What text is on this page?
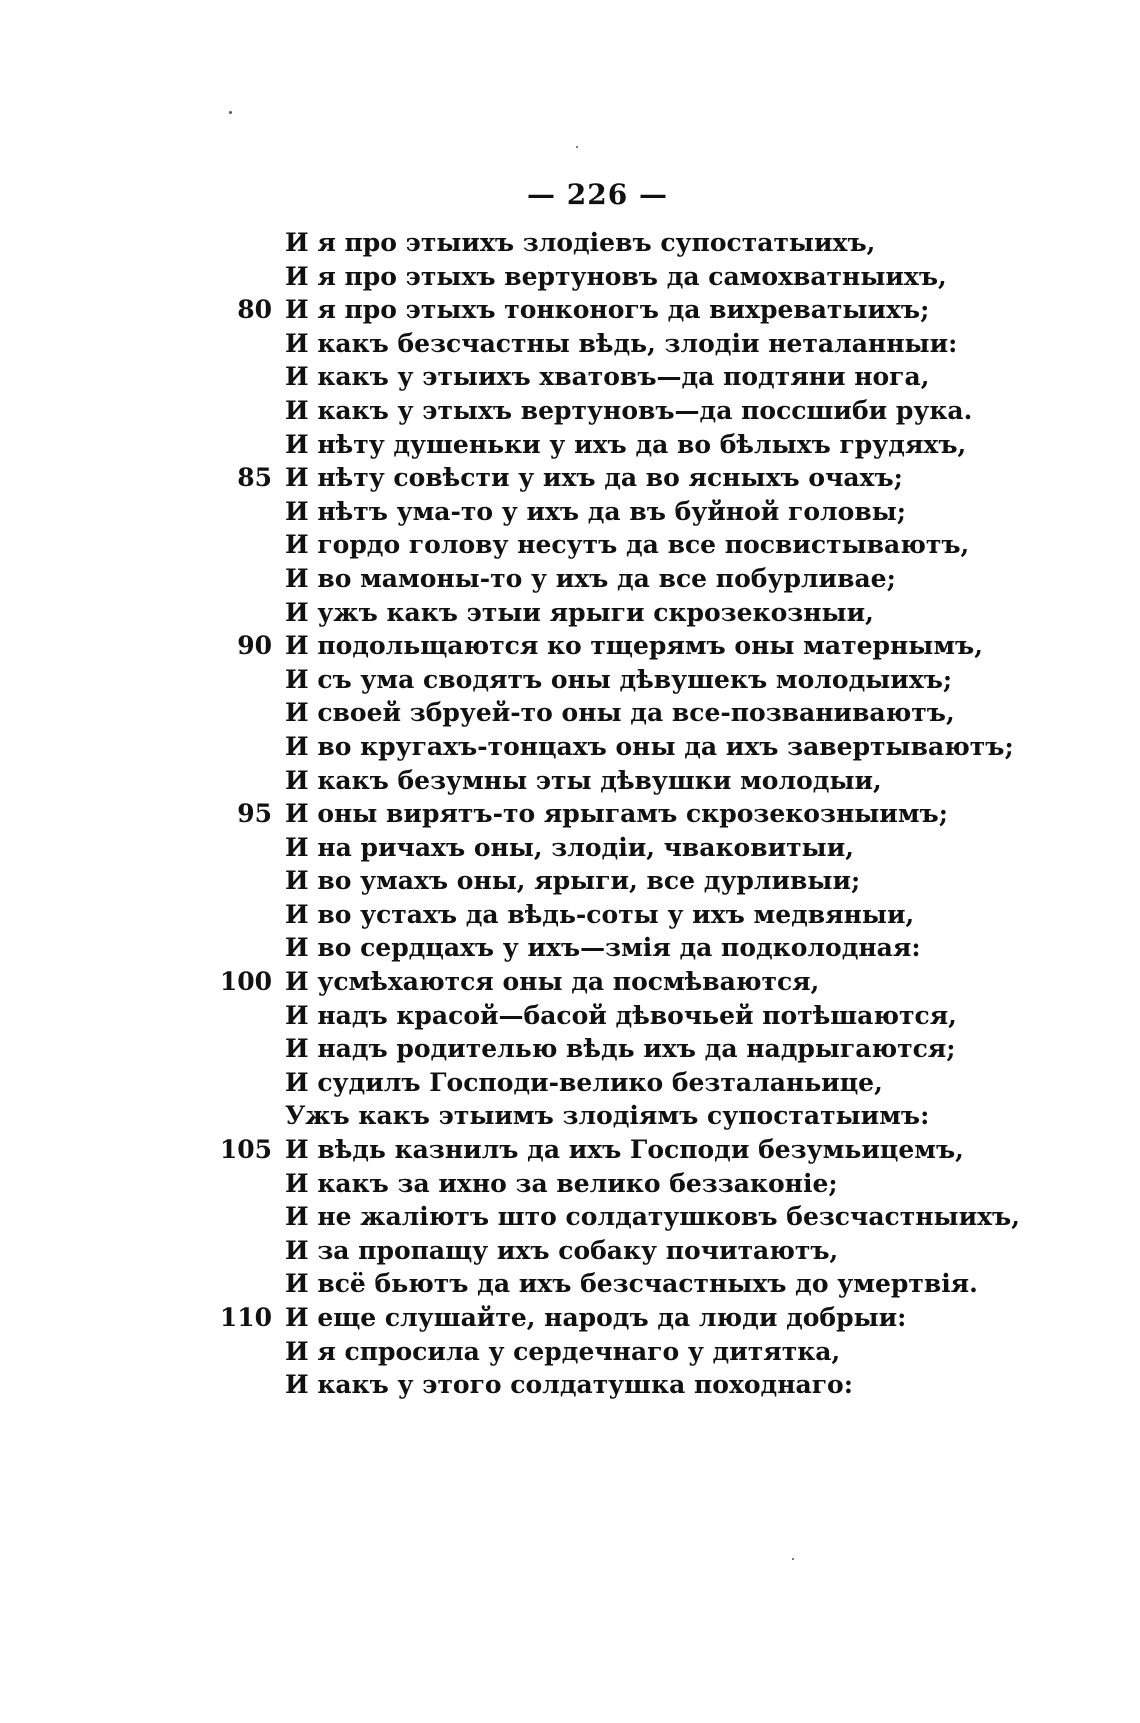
— 226 —
И я про этыихъ злодіевъ супостатыихъ,
И я про этыхъ вертуновъ да самохватныихъ,
80 И я про этыхъ тонконогъ да вихреватыихъ;
И какъ безсчастны вѣдь, злодіи неталанныи:
И какъ у этыихъ хватовъ—да подтяни нога,
И какъ у этыхъ вертуновъ—да поссшиби рука.
И нѣту душеньки у ихъ да во бѣлыхъ грудяхъ,
85 И нѣту совѣсти у ихъ да во ясныхъ очахъ;
И нѣтъ ума-то у ихъ да въ буйной головы;
И гордо голову несутъ да все посвистываютъ,
И во мамоны-то у ихъ да все побурливае;
И ужъ какъ этыи ярыги скрозекозныи,
90 И подольщаются ко тщерямъ оны матернымъ,
И съ ума сводятъ оны дѣвушекъ молодыихъ;
И своей збруей-то оны да все-позваниваютъ,
И во кругахъ-тонцахъ оны да ихъ завертываютъ;
И какъ безумны эты дѣвушки молодыи,
95 И оны вирятъ-то ярыгамъ скрозекозныимъ;
И на ричахъ оны, злодіи, чваковитыи,
И во умахъ оны, ярыги, все дурливыи;
И во устахъ да вѣдь-соты у ихъ медвяныи,
И во сердцахъ у ихъ—змія да подколодная:
100 И усмѣхаются оны да посмѣваются,
И надъ красой—басой дѣвочьей потѣшаются,
И надъ родителью вѣдь ихъ да надрыгаются;
И судилъ Господи-велико безталаньице,
Ужъ какъ этыимъ злодіямъ супостатыимъ:
105 И вѣдь казнилъ да ихъ Господи безумьицемъ,
И какъ за ихно за велико беззаконіе;
И не жаліютъ што солдатушковъ безсчастныихъ,
И за пропащу ихъ собаку почитаютъ,
И всё бьютъ да ихъ безсчастныхъ до умертвія.
110 И еще слушайте, народъ да люди добрыи:
И я спросила у сердечнаго у дитятка,
И какъ у этого солдатушка походнаго:
